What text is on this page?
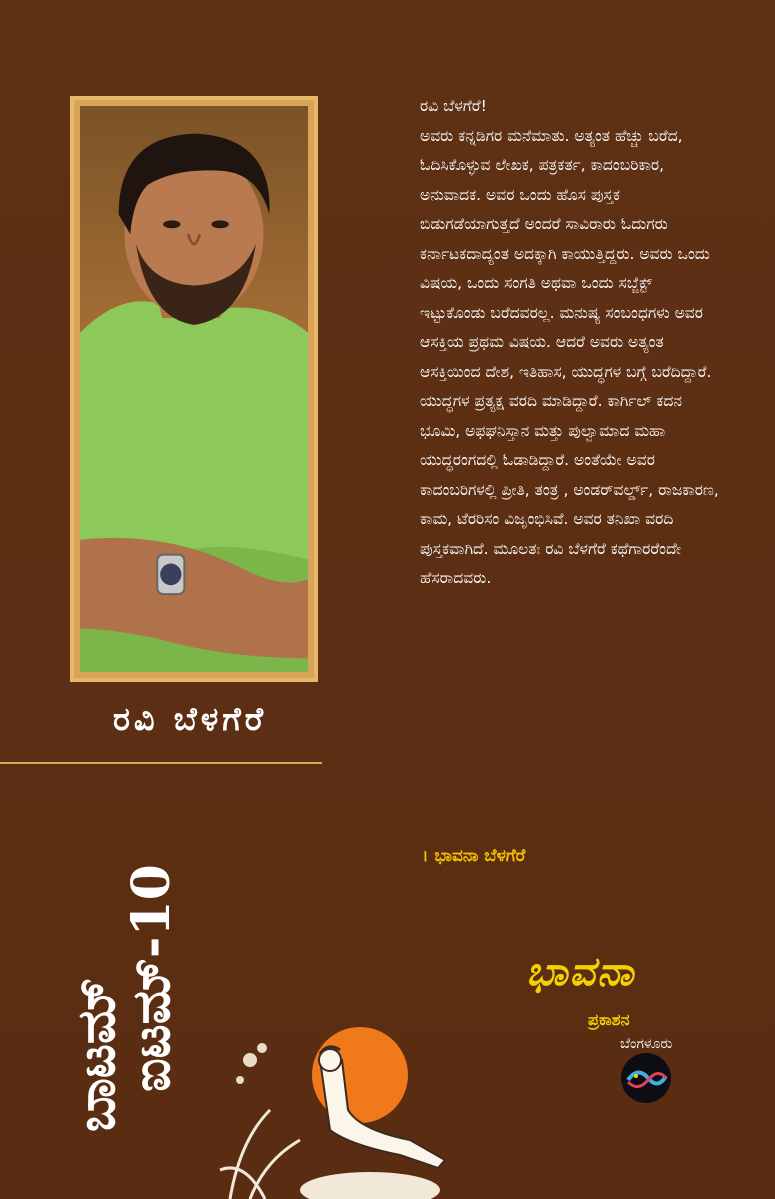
ರವಿ ಬೆಳಗೆರೆ
ಬಾಟಮ್
ಐಟಮ್-10
ರವಿ ಬೆಳಗೆರೆ!
ಅವರು ಕನ್ನಡಿಗರ ಮನೆಮಾತು. ಅತ್ಯಂತ ಹೆಚ್ಚು ಬರೆದ, ಓದಿಸಿಕೊಳ್ಳುವ ಲೇಖಕ, ಪತ್ರಕರ್ತ, ಕಾದಂಬರಿಕಾರ, ಅನುವಾದಕ. ಅವರ ಒಂದು ಹೊಸ ಪುಸ್ತಕ ಬಿಡುಗಡೆಯಾಗುತ್ತದೆ ಅಂದರೆ ಸಾವಿರಾರು ಓದುಗರು ಕರ್ನಾಟಕದಾದ್ಯಂತ ಅದಕ್ಕಾಗಿ ಕಾಯುತ್ತಿದ್ದರು. ಅವರು ಒಂದು ವಿಷಯ, ಒಂದು ಸಂಗತಿ ಅಥವಾ ಒಂದು ಸಬ್ಜೆಕ್ಟ್ ಇಟ್ಟುಕೊಂಡು ಬರೆದವರಲ್ಲ. ಮನುಷ್ಯ ಸಂಬಂಧಗಳು ಅವರ ಆಸಕ್ತಿಯ ಪ್ರಥಮ ವಿಷಯ. ಆದರೆ ಅವರು ಅತ್ಯಂತ ಆಸಕ್ತಿಯಿಂದ ದೇಶ, ಇತಿಹಾಸ, ಯುದ್ಧಗಳ ಬಗ್ಗೆ ಬರೆದಿದ್ದಾರೆ. ಯುದ್ಧಗಳ ಪ್ರತ್ಯಕ್ಷ ವರದಿ ಮಾಡಿದ್ದಾರೆ. ಕಾರ್ಗಿಲ್ ಕದನ ಭೂಮಿ, ಅಫಘನಿಸ್ತಾನ ಮತ್ತು ಪುಲ್ವಾಮಾದ ಮಹಾ ಯುದ್ಧರಂಗದಲ್ಲಿ ಓಡಾಡಿದ್ದಾರೆ. ಅಂತೆಯೇ ಅವರ ಕಾದಂಬರಿಗಳಲ್ಲಿ ಪ್ರೀತಿ, ತಂತ್ರ , ಅಂಡರ್‌ವರ್ಲ್ಡ್, ರಾಜಕಾರಣ, ಕಾಮ, ಟೆರರಿಸಂ ವಿಜೃಂಭಿಸಿವೆ. ಅವರ ತನಿಖಾ ವರದಿ ಪುಸ್ತಕವಾಗಿದೆ. ಮೂಲತಃ ರವಿ ಬೆಳಗೆರೆ ಕಥೆಗಾರರೆಂದೇ ಹೆಸರಾದವರು.
। ಭಾವನಾ ಬೆಳಗೆರೆ
ಭಾವನಾ
ಪ್ರಕಾಶನ
ಬೆಂಗಳೂರು
